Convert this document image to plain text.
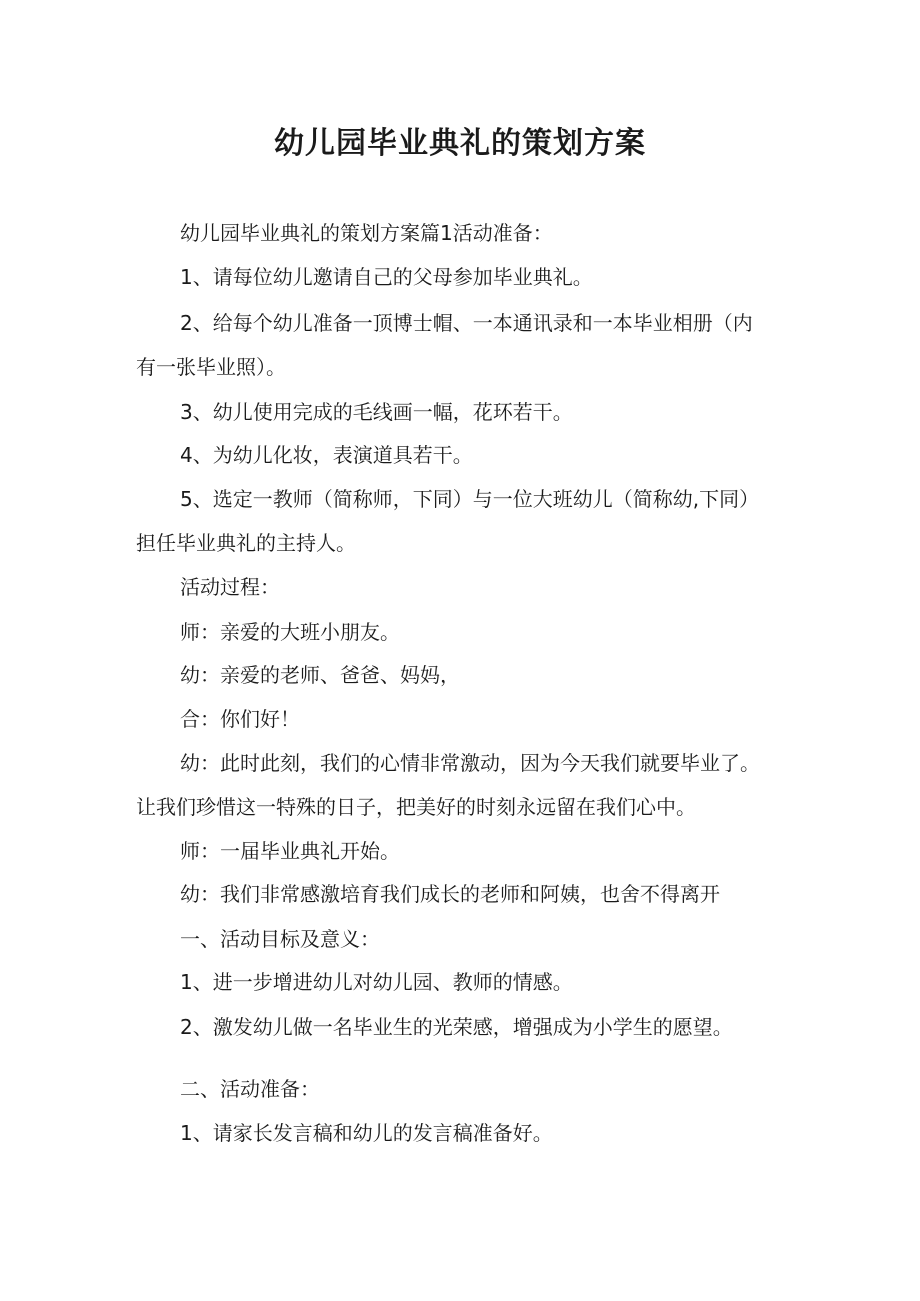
幼儿园毕业典礼的策划方案
幼儿园毕业典礼的策划方案篇1活动准备：
1、请每位幼儿邀请自己的父母参加毕业典礼。
2、给每个幼儿准备一顶博士帽、一本通讯录和一本毕业相册（内
有一张毕业照）。
3、幼儿使用完成的毛线画一幅，花环若干。
4、为幼儿化妆，表演道具若干。
5、选定一教师（简称师，下同）与一位大班幼儿（简称幼,下同）
担任毕业典礼的主持人。
活动过程：
师：亲爱的大班小朋友。
幼：亲爱的老师、爸爸、妈妈，
合：你们好！
幼：此时此刻，我们的心情非常激动，因为今天我们就要毕业了。
让我们珍惜这一特殊的日子，把美好的时刻永远留在我们心中。
师：一届毕业典礼开始。
幼：我们非常感激培育我们成长的老师和阿姨，也舍不得离开
一、活动目标及意义：
1、进一步增进幼儿对幼儿园、教师的情感。
2、激发幼儿做一名毕业生的光荣感，增强成为小学生的愿望。
二、活动准备：
1、请家长发言稿和幼儿的发言稿准备好。
